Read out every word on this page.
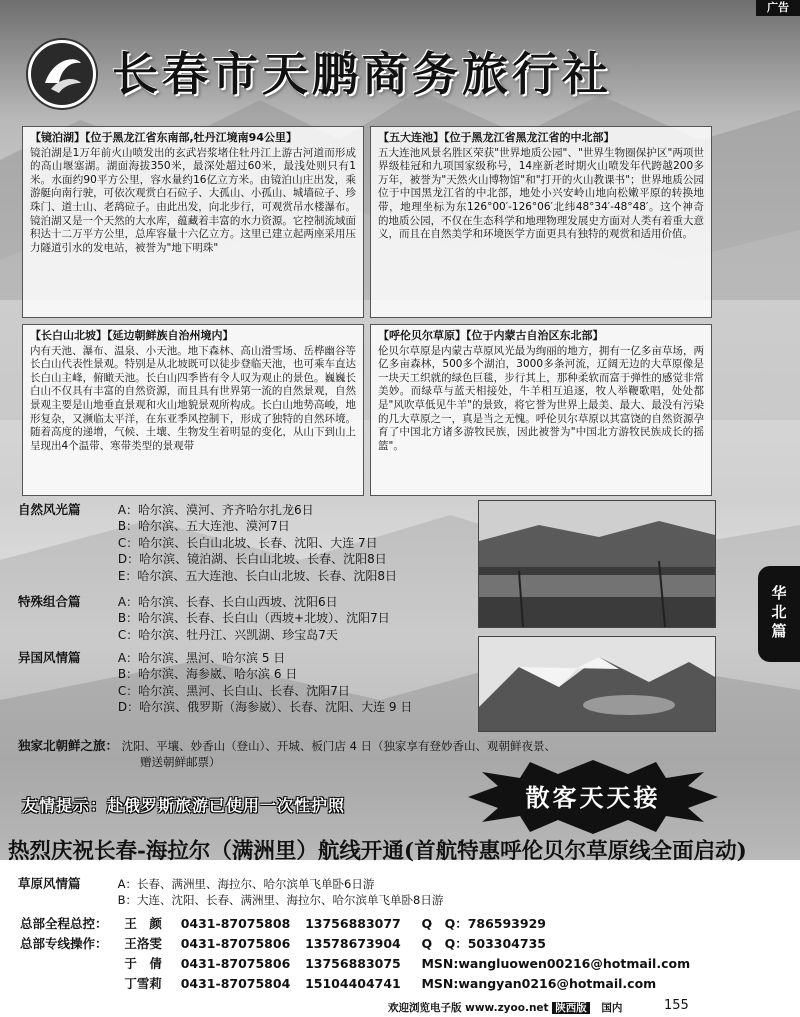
广告
长春市天鹏商务旅行社
【镜泊湖】【位于黑龙江省东南部,牡丹江境南94公里】
镜泊湖是1万年前火山喷发出的玄武岩浆堵住牡丹江上游古河道而形成的高山堰塞湖。湖面海拔350米，最深处超过60米，最浅处则只有1米。水面约90平方公里，容水量约16亿立方米。由镜泊山庄出发，乘游艇向南行驶，可依次观赏白石砬子、大孤山、小孤山、城墙砬子、珍珠门、道士山、老鸹砬子。由此出发，向北步行，可观赏吊水楼瀑布。镜泊湖又是一个天然的大水库，蕴藏着丰富的水力资源。它控制流域面积达十二万平方公里，总库容量十六亿立方。这里已建立起两座采用压力隧道引水的发电站，被誉为"地下明珠"
【五大连池】【位于黑龙江省黑龙江省的中北部】
五大连池风景名胜区荣获"世界地质公园"、"世界生物圈保护区"两项世界级桂冠和九项国家级称号，14座新老时期火山喷发年代跨越200多万年，被誉为"天然火山博物馆"和"打开的火山教课书"；世界地质公园位于中国黑龙江省的中北部，地处小兴安岭山地向松嫩平原的转换地带，地理坐标为东126°00′-126°06′北纬48°34′-48°48′。这个神奇的地质公园，不仅在生态科学和地理物理发展史方面对人类有着重大意义，而且在自然美学和环境医学方面更具有独特的观赏和适用价值。
【长白山北坡】【延边朝鲜族自治州境内】
内有天池、瀑布、温泉、小天池。地下森林、高山滑雪场、岳桦幽谷等长白山代表性景观。特别是从北坡既可以徒步登临天池，也可乘车直达长白山主峰，俯瞰天池。长白山四季皆有令人叹为观止的景色。巍巍长白山不仅具有丰富的自然资源，而且具有世界第一流的自然景观，自然景观主要是山地垂直景观和火山地貌景观所构成。长白山地势高峻，地形复杂，又濒临太平洋，在东亚季风控制下，形成了独特的自然环境。随着高度的递增，气候、土壤、生物发生着明显的变化，从山下到山上呈现出4个温带、寒带类型的景观带
【呼伦贝尔草原】【位于内蒙古自治区东北部】
伦贝尔草原是内蒙古草原风光最为绚丽的地方，拥有一亿多亩草场，两亿多亩森林，500多个湖泊，3000多条河流，辽阔无边的大草原像是一块天工织就的绿色巨毯，步行其上，那种柔软而富于弹性的感觉非常美妙。而绿草与蓝天相接处，牛羊相互追逐，牧人举鞭歌唱，处处都是"风吹草低见牛羊"的景致，将它誉为世界上最美、最大、最没有污染的几大草原之一，真是当之无愧。呼伦贝尔草原以其富饶的自然资源孕育了中国北方诸多游牧民族，因此被誉为"中国北方游牧民族成长的摇篮"。
自然风光篇	A：哈尔滨、漠河、齐齐哈尔扎龙6日
B：哈尔滨、五大连池、漠河7日
C：哈尔滨、长白山北坡、长春、沈阳、大连 7日
D：哈尔滨、镜泊湖、长白山北坡、长春、沈阳8日
E：哈尔滨、五大连池、长白山北坡、长春、沈阳8日
特殊组合篇	A：哈尔滨、长春、长白山西坡、沈阳6日
B：哈尔滨、长春、长白山（西坡+北坡）、沈阳7日
C：哈尔滨、牡丹江、兴凯湖、珍宝岛7天
异国风情篇	A：哈尔滨、黑河、哈尔滨 5 日
B：哈尔滨、海参崴、哈尔滨 6 日
C：哈尔滨、黑河、长白山、长春、沈阳7日
D：哈尔滨、俄罗斯（海参崴）、长春、沈阳、大连 9 日
华北篇
独家北朝鲜之旅： 沈阳、平壤、妙香山（登山）、开城、板门店 4 日（独家享有登妙香山、观朝鲜夜景、
赠送朝鲜邮票）
友情提示：赴俄罗斯旅游已使用一次性护照	散客天天接
热烈庆祝长春-海拉尔（满洲里）航线开通(首航特惠呼伦贝尔草原线全面启动)
草原风情篇	A：长春、满洲里、海拉尔、哈尔滨单飞单卧6日游
B：大连、沈阳、长春、满洲里、海拉尔、哈尔滨单飞单卧8日游
总部全程总控： 王　颜 0431-87075808 13756883077 Q　Q：786593929
总部专线操作： 王洛雯 0431-87075806 13578673904 Q　Q：503304735
于　倩 0431-87075806 13756883075 MSN:wangluowen00216@hotmail.com
丁雪莉 0431-87075804 15104404741 MSN:wangyan0216@hotmail.com
欢迎浏览电子版 www.zyoo.net 陕西版 国内	155
